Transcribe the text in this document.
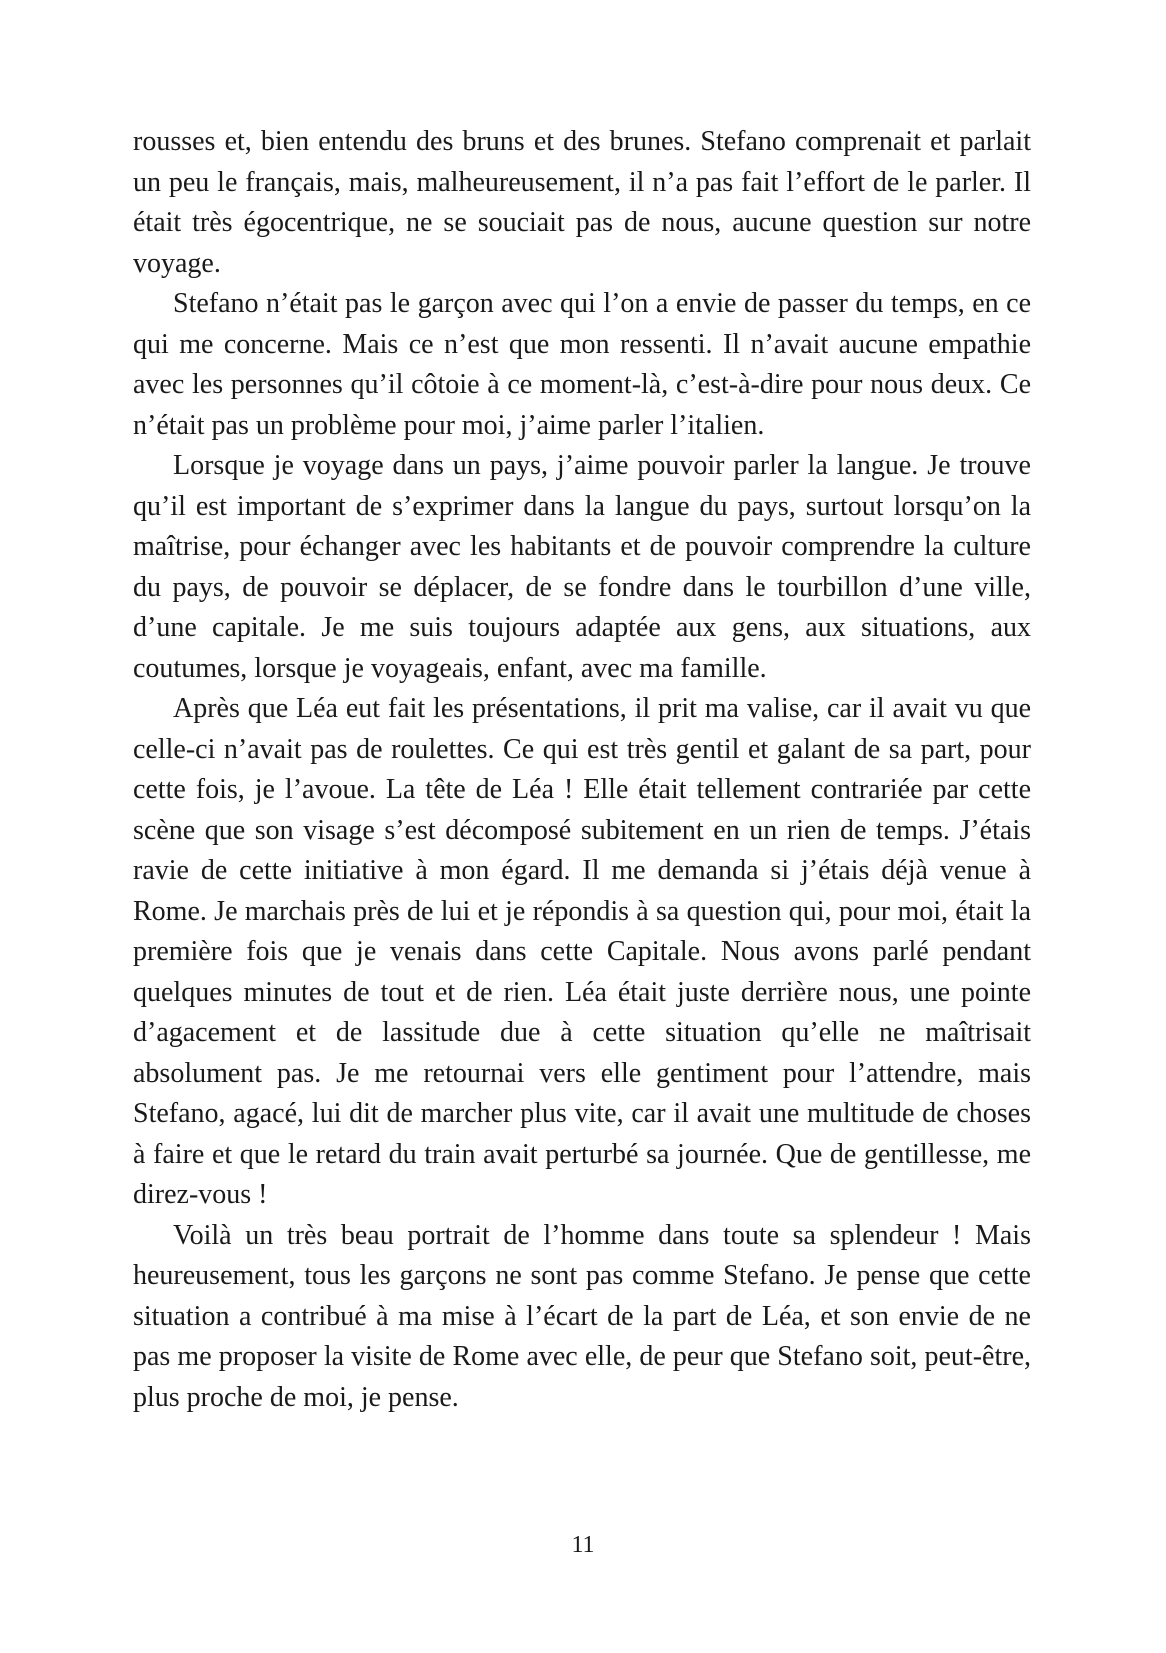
rousses et, bien entendu des bruns et des brunes. Stefano comprenait et parlait un peu le français, mais, malheureusement, il n’a pas fait l’effort de le parler. Il était très égocentrique, ne se souciait pas de nous, aucune question sur notre voyage.

Stefano n’était pas le garçon avec qui l’on a envie de passer du temps, en ce qui me concerne. Mais ce n’est que mon ressenti. Il n’avait aucune empathie avec les personnes qu’il côtoie à ce moment-là, c’est-à-dire pour nous deux. Ce n’était pas un problème pour moi, j’aime parler l’italien.

Lorsque je voyage dans un pays, j’aime pouvoir parler la langue. Je trouve qu’il est important de s’exprimer dans la langue du pays, surtout lorsqu’on la maîtrise, pour échanger avec les habitants et de pouvoir comprendre la culture du pays, de pouvoir se déplacer, de se fondre dans le tourbillon d’une ville, d’une capitale. Je me suis toujours adaptée aux gens, aux situations, aux coutumes, lorsque je voyageais, enfant, avec ma famille.

Après que Léa eut fait les présentations, il prit ma valise, car il avait vu que celle-ci n’avait pas de roulettes. Ce qui est très gentil et galant de sa part, pour cette fois, je l’avoue. La tête de Léa ! Elle était tellement contrariée par cette scène que son visage s’est décomposé subitement en un rien de temps. J’étais ravie de cette initiative à mon égard. Il me demanda si j’étais déjà venue à Rome. Je marchais près de lui et je répondis à sa question qui, pour moi, était la première fois que je venais dans cette Capitale. Nous avons parlé pendant quelques minutes de tout et de rien. Léa était juste derrière nous, une pointe d’agacement et de lassitude due à cette situation qu’elle ne maîtrisait absolument pas. Je me retournai vers elle gentiment pour l’attendre, mais Stefano, agacé, lui dit de marcher plus vite, car il avait une multitude de choses à faire et que le retard du train avait perturbé sa journée. Que de gentillesse, me direz-vous !

Voilà un très beau portrait de l’homme dans toute sa splendeur ! Mais heureusement, tous les garçons ne sont pas comme Stefano. Je pense que cette situation a contribué à ma mise à l’écart de la part de Léa, et son envie de ne pas me proposer la visite de Rome avec elle, de peur que Stefano soit, peut-être, plus proche de moi, je pense.

11
